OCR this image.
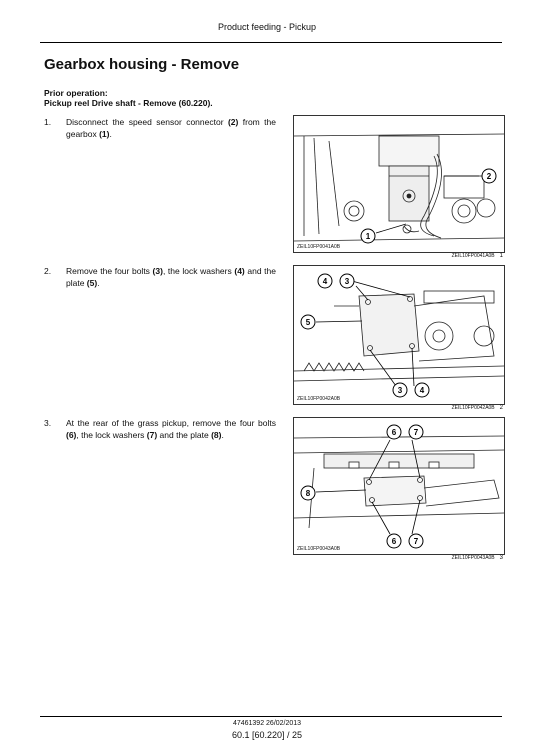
Product feeding - Pickup
Gearbox housing - Remove
Prior operation:
Pickup reel Drive shaft - Remove (60.220).
1. Disconnect the speed sensor connector (2) from the gearbox (1).
1
2
ZEIL10FP0041A0B
ZEIL10FP0041A0B 1
2. Remove the four bolts (3), the lock washers (4) and the plate (5).	4 3
5
3 4
ZEIL10FP0042A0B
ZEIL10FP0042A0B 2
3. At the rear of the grass pickup, remove the four bolts (6), the lock washers (7) and the plate (8).	6 7
8
6 7
ZEIL10FP0043A0B
ZEIL10FP0043A0B 3
47461392 26/02/2013
60.1 [60.220] / 25
